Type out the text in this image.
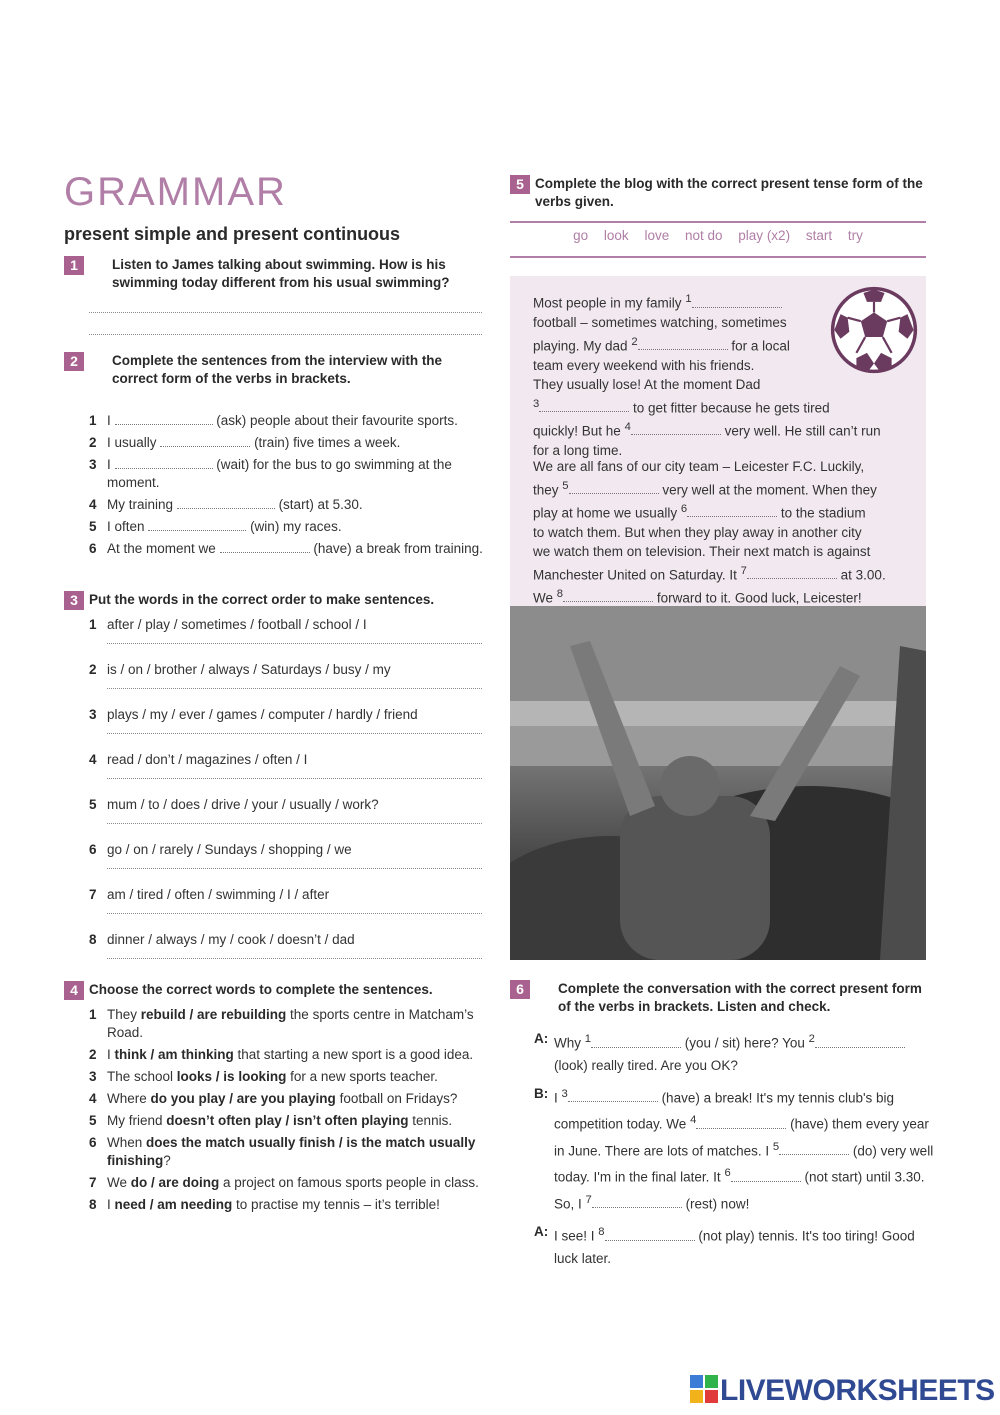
GRAMMAR
present simple and present continuous
1	Listen to James talking about swimming. How is his swimming today different from his usual swimming?
2	Complete the sentences from the interview with the correct form of the verbs in brackets.
1 I	(ask) people about their favourite sports.
2 I usually	(train) five times a week.
3 I	(wait) for the bus to go swimming at the moment.
4 My training	(start) at 5.30.
5 I often	(win) my races.
6 At the moment we	(have) a break from training.
3 Put the words in the correct order to make sentences.
1 after / play / sometimes / football / school / I
2 is / on / brother / always / Saturdays / busy / my
3 plays / my / ever / games / computer / hardly / friend
4 read / don’t / magazines / often / I
5 mum / to / does / drive / your / usually / work?
6 go / on / rarely / Sundays / shopping / we
7 am / tired / often / swimming / I / after
8 dinner / always / my / cook / doesn’t / dad
4 Choose the correct words to complete the sentences.
1 They rebuild / are rebuilding the sports centre in Matcham’s Road.
2 I think / am thinking that starting a new sport is a good idea.
3 The school looks / is looking for a new sports teacher.
4 Where do you play / are you playing football on Fridays?
5 My friend doesn’t often play / isn’t often playing tennis.
6 When does the match usually finish / is the match usually finishing?
7 We do / are doing a project on famous sports people in class.
8 I need / am needing to practise my tennis – it’s terrible!
5 Complete the blog with the correct present tense form of the verbs given.
go look love not do play (x2) start try

Most people in my family $^1$
football – sometimes watching, sometimes
playing. My dad $^2$	for a local
team every weekend with his friends.
They usually lose! At the moment Dad
$^3$	to get fitter because he gets tired
quickly! But he $^4$	very well. He still can’t run
for a long time.

We are all fans of our city team – Leicester F.C. Luckily,
they $^5$	very well at the moment. When they
play at home we usually $^6$	to the stadium
to watch them. But when they play away in another city
we watch them on television. Their next match is against
Manchester United on Saturday. It $^7$	at 3.00.
We $^8$	forward to it. Good luck, Leicester!

6	Complete the conversation with the correct present form of the verbs in brackets. Listen and check.
A: Why $^1$	(you / sit) here? You $^2$ (look) really tired. Are you OK?
B: I $^3$	(have) a break! It's my tennis club's big competition today. We $^4$	(have) them every year in June. There are lots of matches. I $^5$	(do) very well today. I'm in the final later. It $^6$	(not start) until 3.30. So, I $^7$	(rest) now!
A: I see! I $^8$	(not play) tennis. It's too tiring! Good luck later.
LIVEWORKSHEETS
